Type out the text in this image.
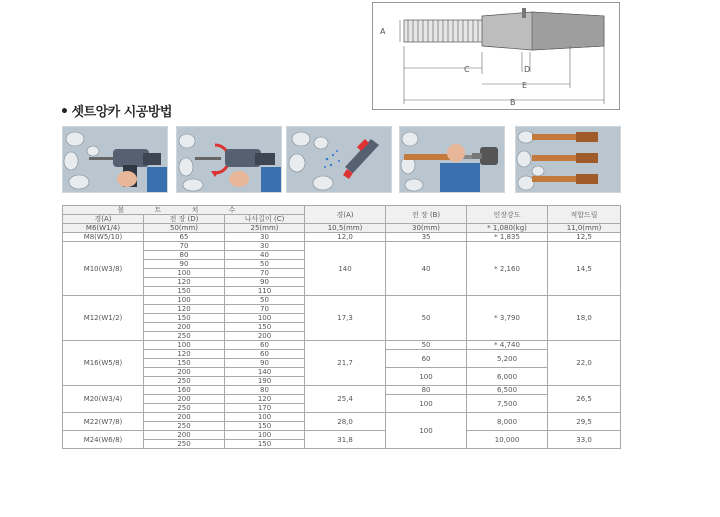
A
C	D
E
B
• 셋트앙카 시공방법
볼 트 치 수			경(A)	전 장 (B)	인장강도	적합드릴
경(A)	전 장 (D)	나사길이 (C)				
M6(W1/4)	50(mm)	25(mm)	10,5(mm)	30(mm)	* 1,080(kg)	11,0(mm)
M8(W5/10)	65	30	12,0	35	* 1,835	12,5
M10(W3/8)	70	30	140	40	* 2,160	14,5
	80	40				
	90	50				
	100	70				
	120	90				
	150	110				
M12(W1/2)	100	50	17,3	50	* 3,790	18,0
	120	70				
	150	100				
	200	150				
	250	200				
M16(W5/8)	100	60	21,7	50	* 4,740	22,0
	120	60		60	5,200	
	150	90				
	200	140		100	6,000	
	250	190				
M20(W3/4)	160	80	25,4	80	6,500	26,5
	200	120		100	7,500	
	250	170				
M22(W7/8)	200	100	28,0	100	8,000	29,5
	250	150				
M24(W6/8)	200	100	31,8		10,000	33,0
	250	150				
